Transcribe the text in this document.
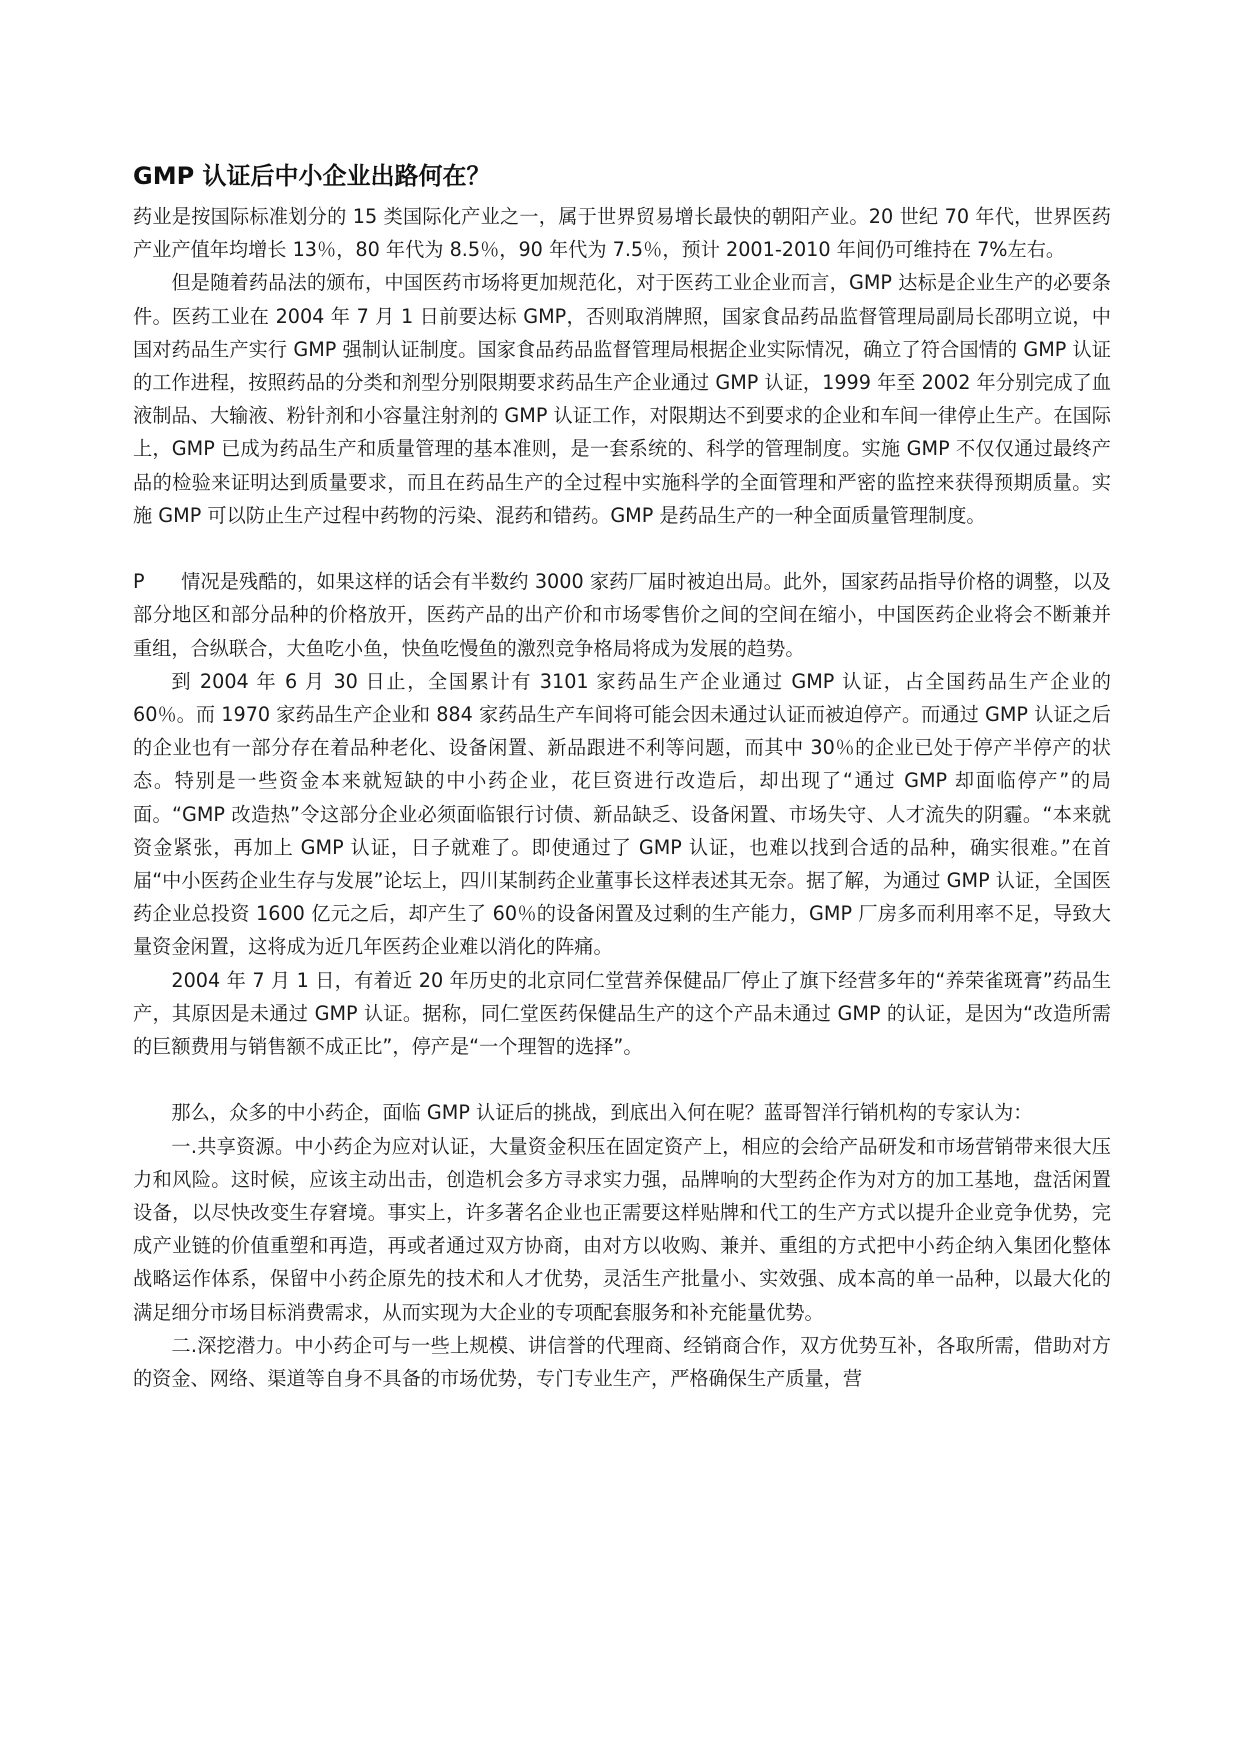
GMP 认证后中小企业出路何在？

药业是按国际标准划分的 15 类国际化产业之一，属于世界贸易增长最快的朝阳产业。20 世纪 70 年代，世界医药产业产值年均增长 13％，80 年代为 8.5％，90 年代为 7.5％，预计 2001-2010 年间仍可维持在 7%左右。

但是随着药品法的颁布，中国医药市场将更加规范化，对于医药工业企业而言，GMP 达标是企业生产的必要条件。医药工业在 2004 年 7 月 1 日前要达标 GMP，否则取消牌照，国家食品药品监督管理局副局长邵明立说，中国对药品生产实行 GMP 强制认证制度。国家食品药品监督管理局根据企业实际情况，确立了符合国情的 GMP 认证的工作进程，按照药品的分类和剂型分别限期要求药品生产企业通过 GMP 认证，1999 年至 2002 年分别完成了血液制品、大输液、粉针剂和小容量注射剂的 GMP 认证工作，对限期达不到要求的企业和车间一律停止生产。在国际上，GMP 已成为药品生产和质量管理的基本准则，是一套系统的、科学的管理制度。实施 GMP 不仅仅通过最终产品的检验来证明达到质量要求，而且在药品生产的全过程中实施科学的全面管理和严密的监控来获得预期质量。实施 GMP 可以防止生产过程中药物的污染、混药和错药。GMP 是药品生产的一种全面质量管理制度。

P 情况是残酷的，如果这样的话会有半数约 3000 家药厂届时被迫出局。此外，国家药品指导价格的调整，以及部分地区和部分品种的价格放开，医药产品的出产价和市场零售价之间的空间在缩小，中国医药企业将会不断兼并重组，合纵联合，大鱼吃小鱼，快鱼吃慢鱼的激烈竞争格局将成为发展的趋势。

到 2004 年 6 月 30 日止，全国累计有 3101 家药品生产企业通过 GMP 认证，占全国药品生产企业的 60％。而 1970 家药品生产企业和 884 家药品生产车间将可能会因未通过认证而被迫停产。而通过 GMP 认证之后的企业也有一部分存在着品种老化、设备闲置、新品跟进不利等问题，而其中 30％的企业已处于停产半停产的状态。特别是一些资金本来就短缺的中小药企业，花巨资进行改造后，却出现了“通过 GMP 却面临停产”的局面。“GMP 改造热”令这部分企业必须面临银行讨债、新品缺乏、设备闲置、市场失守、人才流失的阴霾。“本来就资金紧张，再加上 GMP 认证，日子就难了。即使通过了 GMP 认证，也难以找到合适的品种，确实很难。”在首届“中小医药企业生存与发展”论坛上，四川某制药企业董事长这样表述其无奈。据了解，为通过 GMP 认证，全国医药企业总投资 1600 亿元之后，却产生了 60％的设备闲置及过剩的生产能力，GMP 厂房多而利用率不足，导致大量资金闲置，这将成为近几年医药企业难以消化的阵痛。

2004 年 7 月 1 日，有着近 20 年历史的北京同仁堂营养保健品厂停止了旗下经营多年的“养荣雀斑膏”药品生产，其原因是未通过 GMP 认证。据称，同仁堂医药保健品生产的这个产品未通过 GMP 的认证，是因为“改造所需的巨额费用与销售额不成正比”，停产是“一个理智的选择”。

那么，众多的中小药企，面临 GMP 认证后的挑战，到底出入何在呢？蓝哥智洋行销机构的专家认为：

一.共享资源。中小药企为应对认证，大量资金积压在固定资产上，相应的会给产品研发和市场营销带来很大压力和风险。这时候，应该主动出击，创造机会多方寻求实力强，品牌响的大型药企作为对方的加工基地，盘活闲置设备，以尽快改变生存窘境。事实上，许多著名企业也正需要这样贴牌和代工的生产方式以提升企业竞争优势，完成产业链的价值重塑和再造，再或者通过双方协商，由对方以收购、兼并、重组的方式把中小药企纳入集团化整体战略运作体系，保留中小药企原先的技术和人才优势，灵活生产批量小、实效强、成本高的单一品种，以最大化的满足细分市场目标消费需求，从而实现为大企业的专项配套服务和补充能量优势。

二.深挖潜力。中小药企可与一些上规模、讲信誉的代理商、经销商合作，双方优势互补，各取所需，借助对方的资金、网络、渠道等自身不具备的市场优势，专门专业生产，严格确保生产质量，营
